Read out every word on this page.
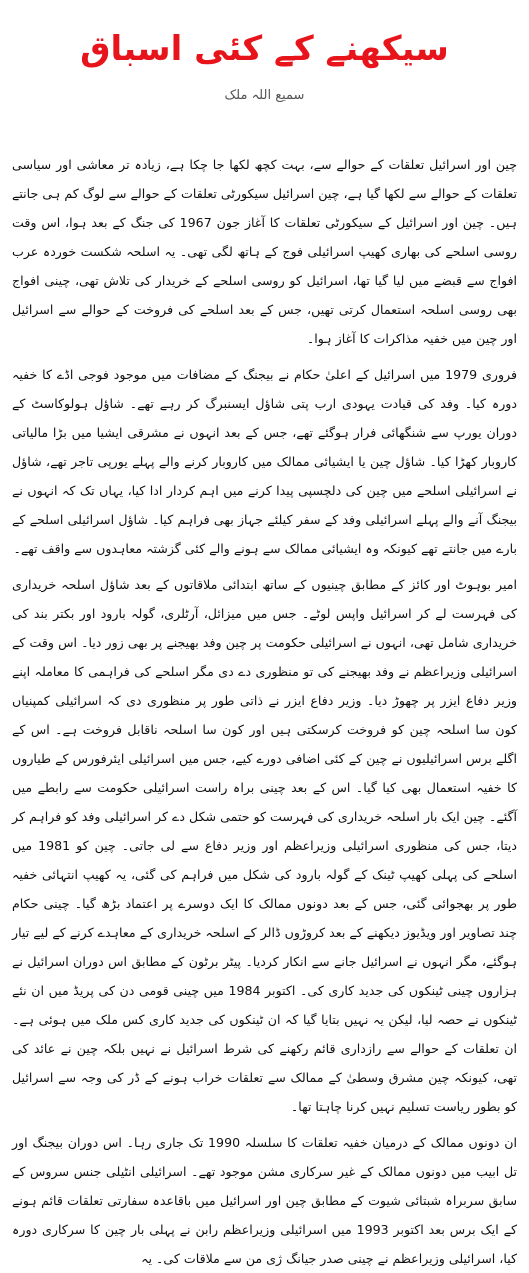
سیکھنے کے کئی اسباق
سمیع اللہ ملک

چین اور اسرائیل تعلقات کے حوالے سے، بہت کچھ لکھا جا چکا ہے، زیادہ تر معاشی اور سیاسی تعلقات کے حوالے سے لکھا گیا ہے، چین اسرائیل سیکورٹی تعلقات کے حوالے سے لوگ کم ہی جانتے ہیں۔ چین اور اسرائیل کے سیکورٹی تعلقات کا آغاز جون 1967 کی جنگ کے بعد ہوا، اس وقت روسی اسلحے کی بھاری کھیپ اسرائیلی فوج کے ہاتھ لگی تھی۔ یہ اسلحہ شکست خوردہ عرب افواج سے قبضے میں لیا گیا تھا، اسرائیل کو روسی اسلحے کے خریدار کی تلاش تھی، چینی افواج بھی روسی اسلحہ استعمال کرتی تھیں، جس کے بعد اسلحے کی فروخت کے حوالے سے اسرائیل اور چین میں خفیہ مذاکرات کا آغاز ہوا۔

فروری 1979 میں اسرائیل کے اعلیٰ حکام نے بیجنگ کے مضافات میں موجود فوجی اڈے کا خفیہ دورہ کیا۔ وفد کی قیادت یہودی ارب پتی شاؤل ایسنبرگ کر رہے تھے۔ شاؤل ہولوکاسٹ کے دوران یورپ سے شنگھائی فرار ہوگئے تھے، جس کے بعد انہوں نے مشرقی ایشیا میں بڑا مالیاتی کاروبار کھڑا کیا۔ شاؤل چین یا ایشیائی ممالک میں کاروبار کرنے والے پہلے یورپی تاجر تھے، شاؤل نے اسرائیلی اسلحے میں چین کی دلچسپی پیدا کرنے میں اہم کردار ادا کیا، یہاں تک کہ انہوں نے بیجنگ آنے والے پہلے اسرائیلی وفد کے سفر کیلئے جہاز بھی فراہم کیا۔ شاؤل اسرائیلی اسلحے کے بارے میں جانتے تھے کیونکہ وہ ایشیائی ممالک سے ہونے والے کئی گزشتہ معاہدوں سے واقف تھے۔

امیر بوہوٹ اور کائز کے مطابق چینیوں کے ساتھ ابتدائی ملاقاتوں کے بعد شاؤل اسلحہ خریداری کی فہرست لے کر اسرائیل واپس لوٹے۔ جس میں میزائل، آرٹلری، گولہ بارود اور بکتر بند کی خریداری شامل تھی، انہوں نے اسرائیلی حکومت پر چین وفد بھیجنے پر بھی زور دیا۔ اس وقت کے اسرائیلی وزیراعظم نے وفد بھیجنے کی تو منظوری دے دی مگر اسلحے کی فراہمی کا معاملہ اپنے وزیر دفاع ایزر پر چھوڑ دیا۔ وزیر دفاع ایزر نے ذاتی طور پر منظوری دی کہ اسرائیلی کمپنیاں کون سا اسلحہ چین کو فروخت کرسکتی ہیں اور کون سا اسلحہ ناقابل فروخت ہے۔ اس کے اگلے برس اسرائیلیوں نے چین کے کئی اضافی دورے کیے، جس میں اسرائیلی ایئرفورس کے طیاروں کا خفیہ استعمال بھی کیا گیا۔ اس کے بعد چینی براہ راست اسرائیلی حکومت سے رابطے میں آگئے۔ چین ایک بار اسلحہ خریداری کی فہرست کو حتمی شکل دے کر اسرائیلی وفد کو فراہم کر دیتا، جس کی منظوری اسرائیلی وزیراعظم اور وزیر دفاع سے لی جاتی۔ چین کو 1981 میں اسلحے کی پہلی کھیپ ٹینک کے گولہ بارود کی شکل میں فراہم کی گئی، یہ کھیپ انتہائی خفیہ طور پر بھجوائی گئی، جس کے بعد دونوں ممالک کا ایک دوسرے پر اعتماد بڑھ گیا۔ چینی حکام چند تصاویر اور ویڈیوز دیکھنے کے بعد کروڑوں ڈالر کے اسلحہ خریداری کے معاہدے کرنے کے لیے تیار ہوگئے، مگر انہوں نے اسرائیل جانے سے انکار کردیا۔ پیٹر برٹون کے مطابق اس دوران اسرائیل نے ہزاروں چینی ٹینکوں کی جدید کاری کی۔ اکتوبر 1984 میں چینی قومی دن کی پریڈ میں ان نئے ٹینکوں نے حصہ لیا، لیکن یہ نہیں بتایا گیا کہ ان ٹینکوں کی جدید کاری کس ملک میں ہوئی ہے۔ ان تعلقات کے حوالے سے رازداری قائم رکھنے کی شرط اسرائیل نے نہیں بلکہ چین نے عائد کی تھی، کیونکہ چین مشرق وسطیٰ کے ممالک سے تعلقات خراب ہونے کے ڈر کی وجہ سے اسرائیل کو بطور ریاست تسلیم نہیں کرنا چاہتا تھا۔

ان دونوں ممالک کے درمیان خفیہ تعلقات کا سلسلہ 1990 تک جاری رہا۔ اس دوران بیجنگ اور تل ابیب میں دونوں ممالک کے غیر سرکاری مشن موجود تھے۔ اسرائیلی انٹیلی جنس سروس کے سابق سربراہ شبتائی شیوت کے مطابق چین اور اسرائیل میں باقاعدہ سفارتی تعلقات قائم ہونے کے ایک برس بعد اکتوبر 1993 میں اسرائیلی وزیراعظم رابن نے پہلی بار چین کا سرکاری دورہ کیا، اسرائیلی وزیراعظم نے چینی صدر جیانگ ژی من سے ملاقات کی۔ یہ
